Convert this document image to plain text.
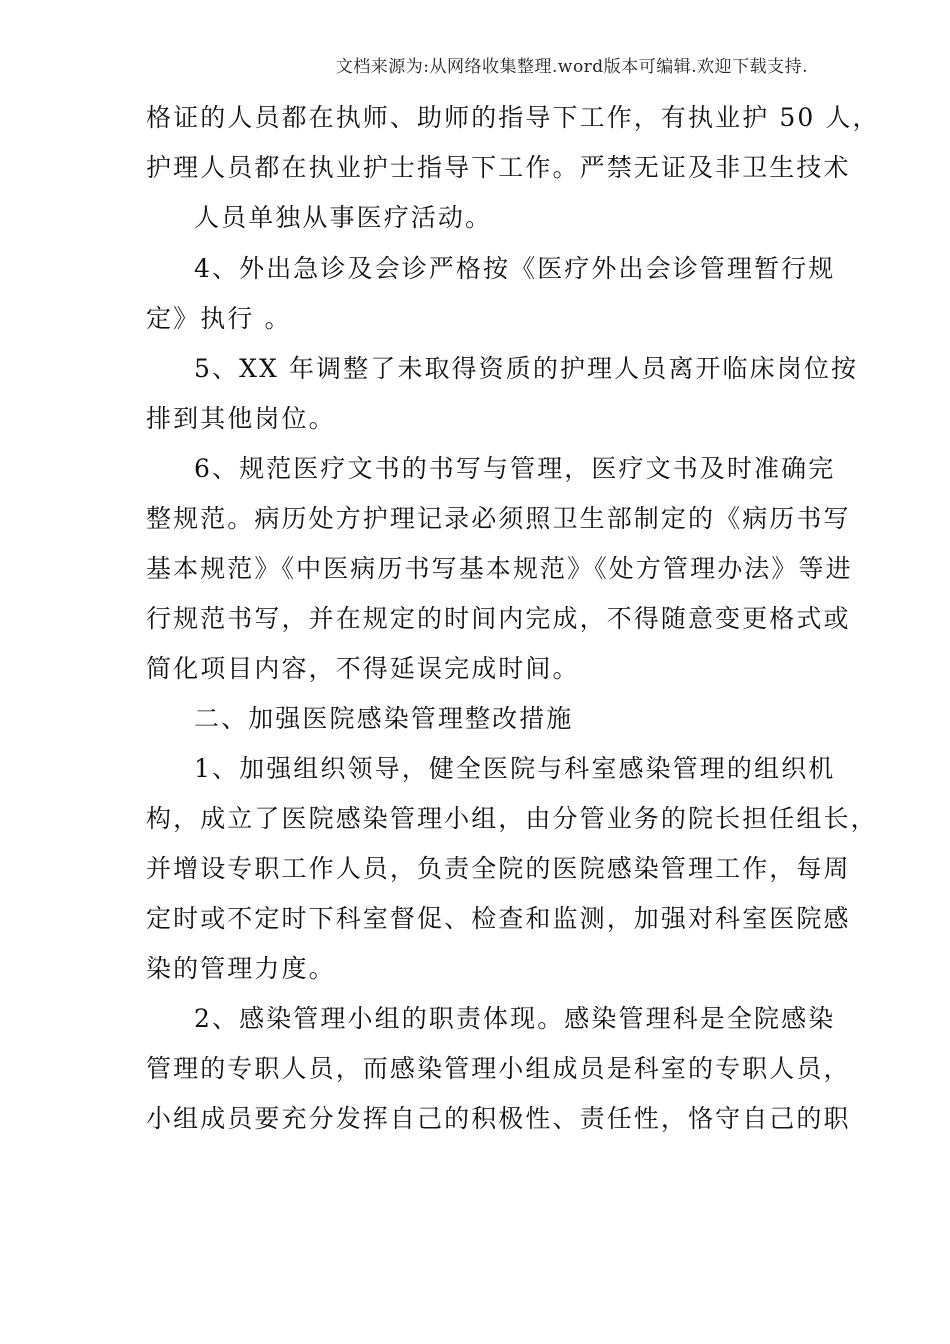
文档来源为:从网络收集整理.word版本可编辑.欢迎下载支持.
格证的人员都在执师、助师的指导下工作，有执业护 50 人，
护理人员都在执业护士指导下工作。严禁无证及非卫生技术
人员单独从事医疗活动。
4、外出急诊及会诊严格按《医疗外出会诊管理暂行规
定》执行 。
5、XX 年调整了未取得资质的护理人员离开临床岗位按
排到其他岗位。
6、规范医疗文书的书写与管理，医疗文书及时准确完
整规范。病历处方护理记录必须照卫生部制定的《病历书写
基本规范》《中医病历书写基本规范》《处方管理办法》等进
行规范书写，并在规定的时间内完成，不得随意变更格式或
简化项目内容，不得延误完成时间。
二、加强医院感染管理整改措施
1、加强组织领导，健全医院与科室感染管理的组织机
构，成立了医院感染管理小组，由分管业务的院长担任组长，
并增设专职工作人员，负责全院的医院感染管理工作，每周
定时或不定时下科室督促、检查和监测，加强对科室医院感
染的管理力度。
2、感染管理小组的职责体现。感染管理科是全院感染
管理的专职人员，而感染管理小组成员是科室的专职人员，
小组成员要充分发挥自己的积极性、责任性，恪守自己的职
